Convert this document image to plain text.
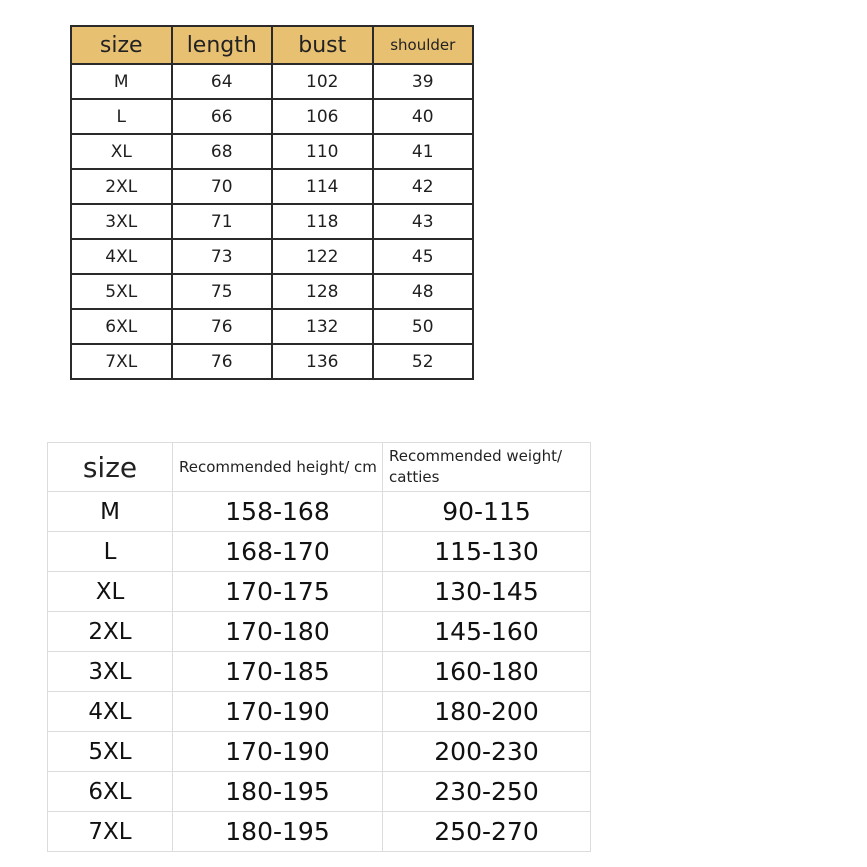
size	length	bust	shoulder
M	64	102	39
L	66	106	40
XL	68	110	41
2XL	70	114	42
3XL	71	118	43
4XL	73	122	45
5XL	75	128	48
6XL	76	132	50
7XL	76	136	52
size	Recommended height/ cm	Recommended weight/ catties
M	158-168	90-115
L	168-170	115-130
XL	170-175	130-145
2XL	170-180	145-160
3XL	170-185	160-180
4XL	170-190	180-200
5XL	170-190	200-230
6XL	180-195	230-250
7XL	180-195	250-270
